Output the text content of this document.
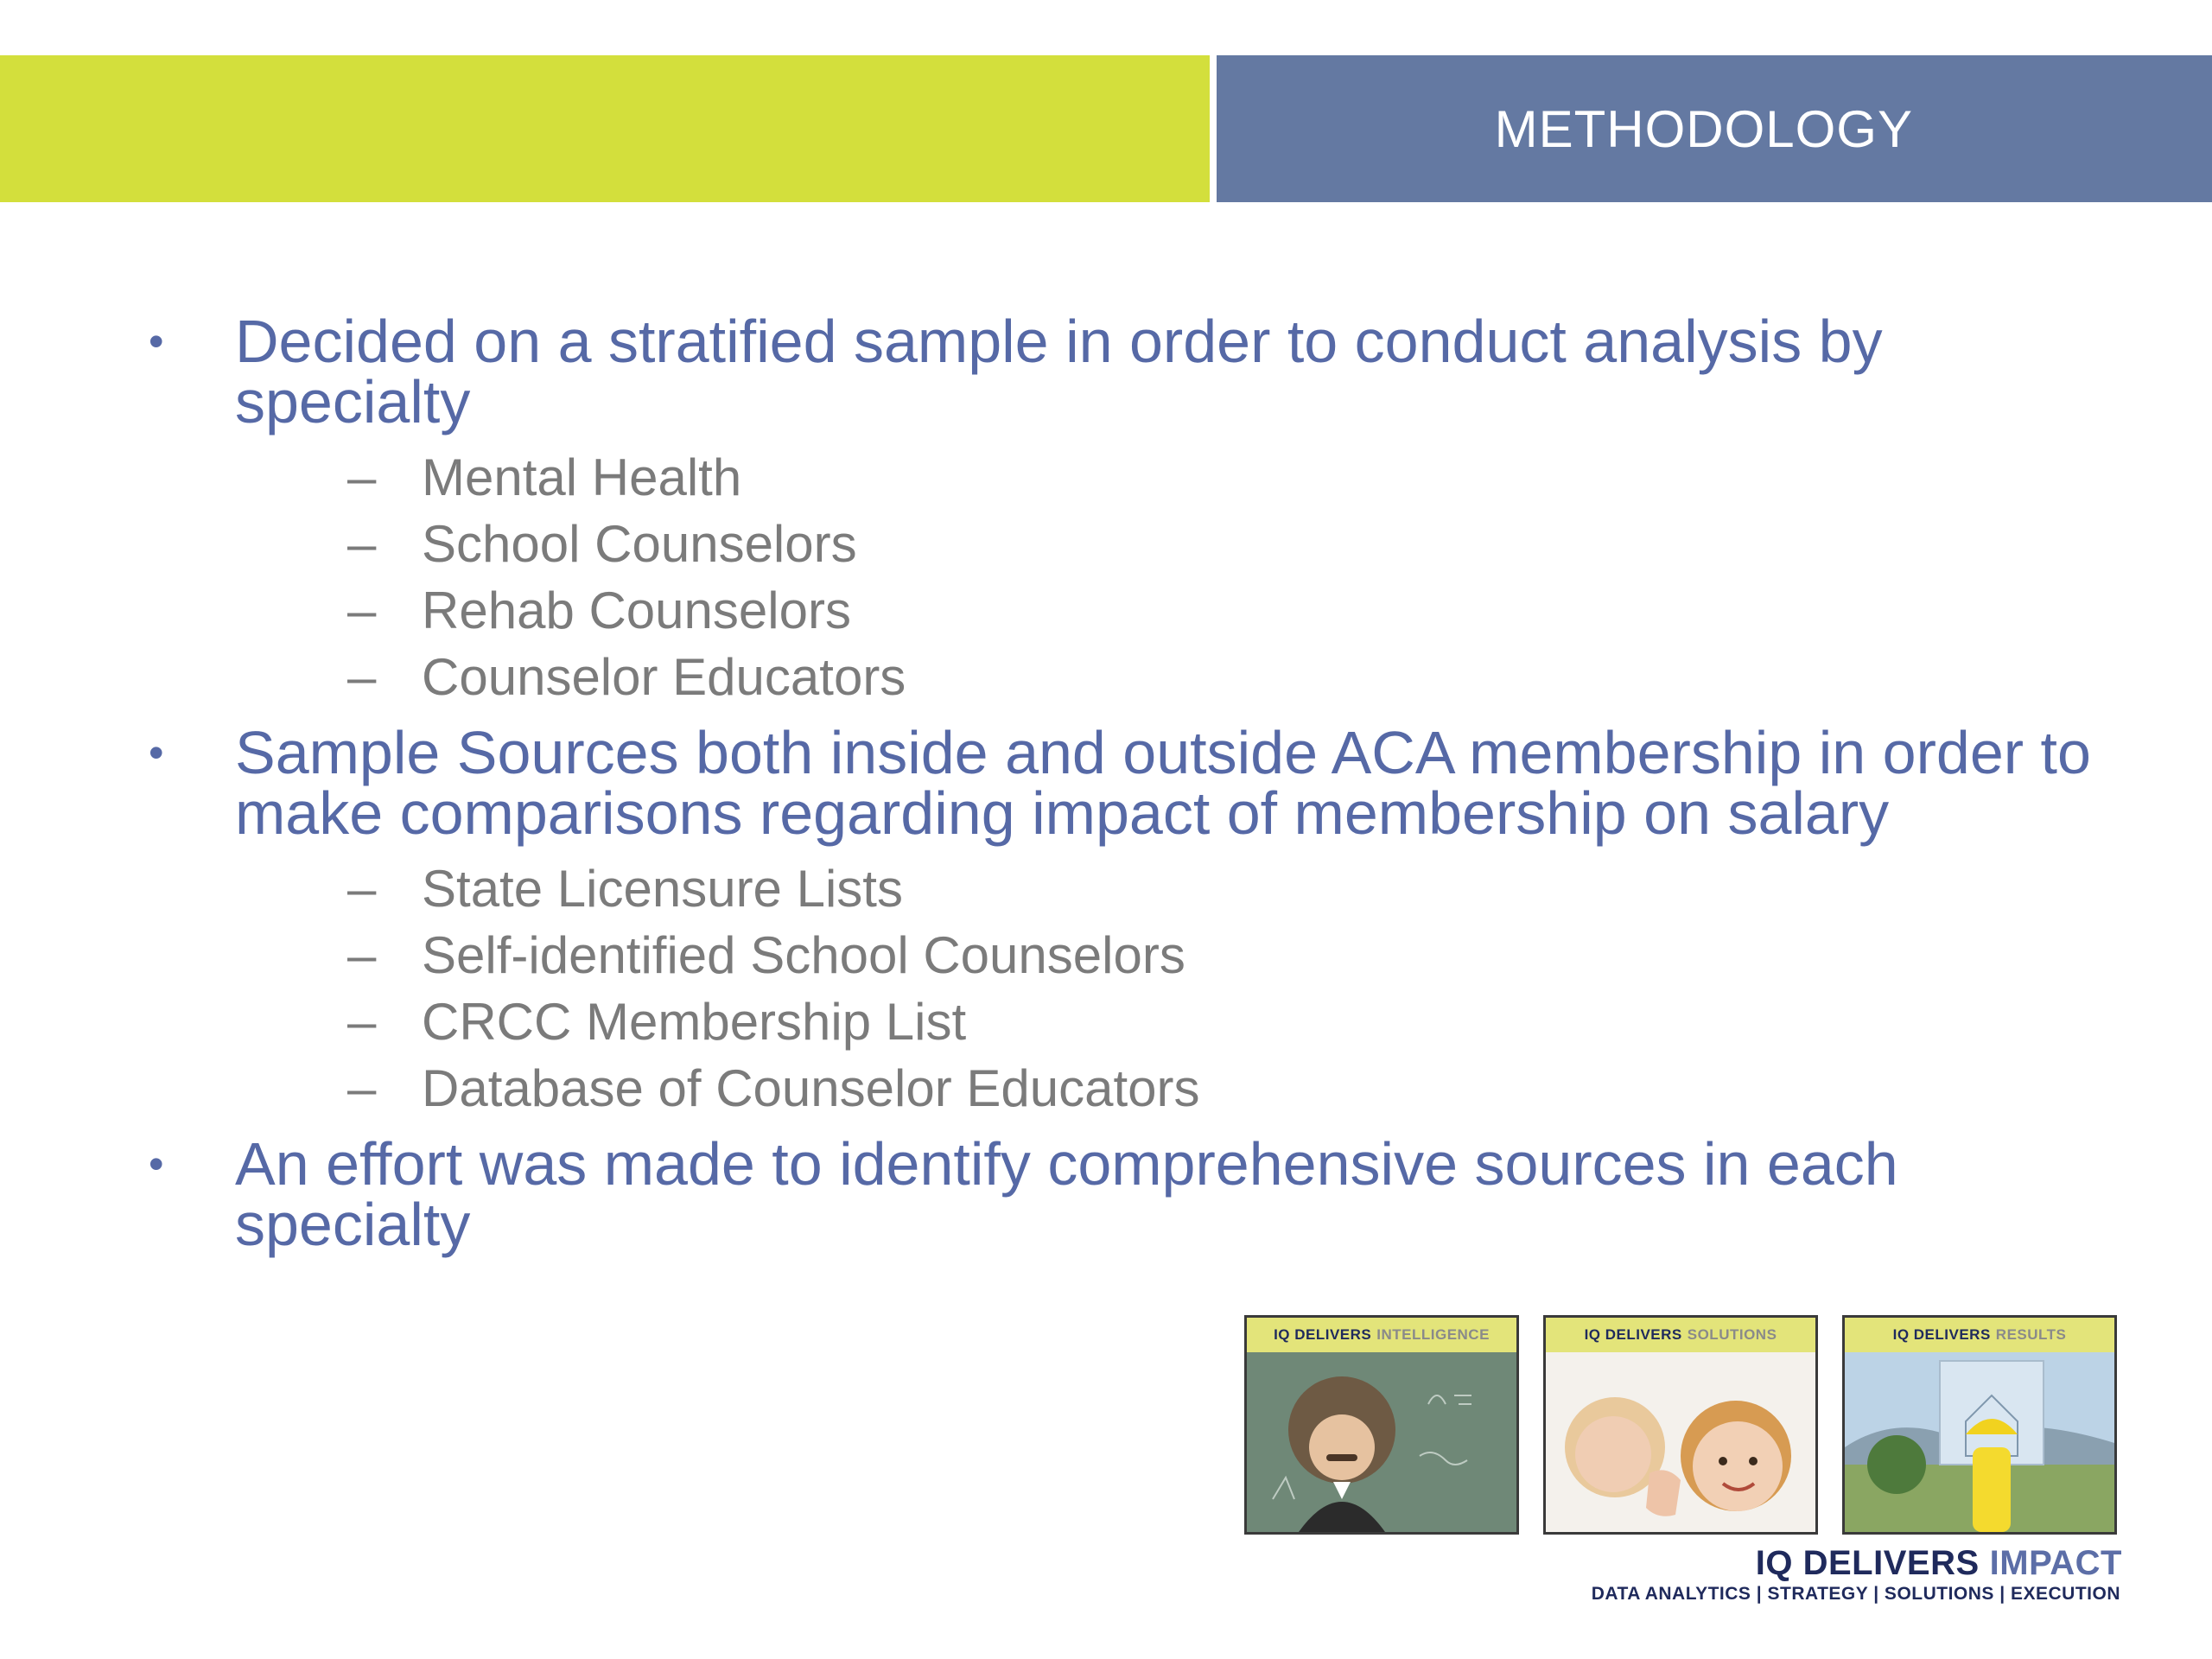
METHODOLOGY
• Decided on a stratified sample in order to conduct analysis by specialty
– Mental Health
– School Counselors
– Rehab Counselors
– Counselor Educators
• Sample Sources both inside and outside ACA membership in order to make comparisons regarding impact of membership on salary
– State Licensure Lists
– Self-identified School Counselors
– CRCC Membership List
– Database of Counselor Educators
• An effort was made to identify comprehensive sources in each specialty
IQ DELIVERS INTELLIGENCE	IQ DELIVERS SOLUTIONS	IQ DELIVERS RESULTS
IQ DELIVERS IMPACT
DATA ANALYTICS | STRATEGY | SOLUTIONS | EXECUTION
